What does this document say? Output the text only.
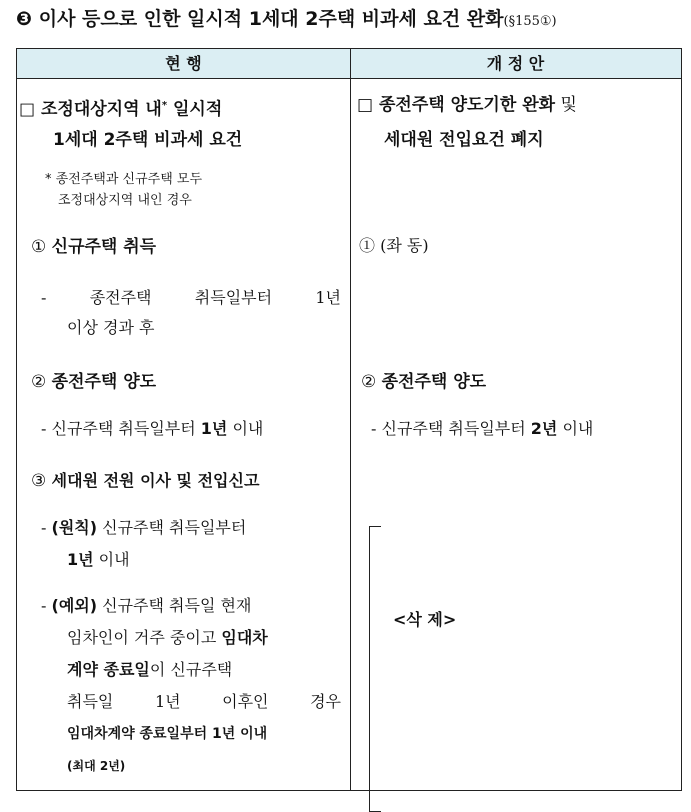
❸ 이사 등으로 인한 일시적 1세대 2주택 비과세 요건 완화(§155①)
현 행	개 정 안
□ 조정대상지역 내* 일시적
1세대 2주택 비과세 요건
* 종전주택과 신규주택 모두
조정대상지역 내인 경우
① 신규주택 취득
- 종전주택 취득일부터 1년
이상 경과 후
② 종전주택 양도
- 신규주택 취득일부터 1년 이내
③ 세대원 전원 이사 및 전입신고
- (원칙) 신규주택 취득일부터
1년 이내
- (예외) 신규주택 취득일 현재
임차인이 거주 중이고 임대차
계약 종료일이 신규주택
취득일 1년 이후인 경우
임대차계약 종료일부터 1년 이내
(최대 2년)
□ 종전주택 양도기한 완화 및
세대원 전입요건 폐지
① (좌 동)
② 종전주택 양도
- 신규주택 취득일부터 2년 이내
<삭 제>
